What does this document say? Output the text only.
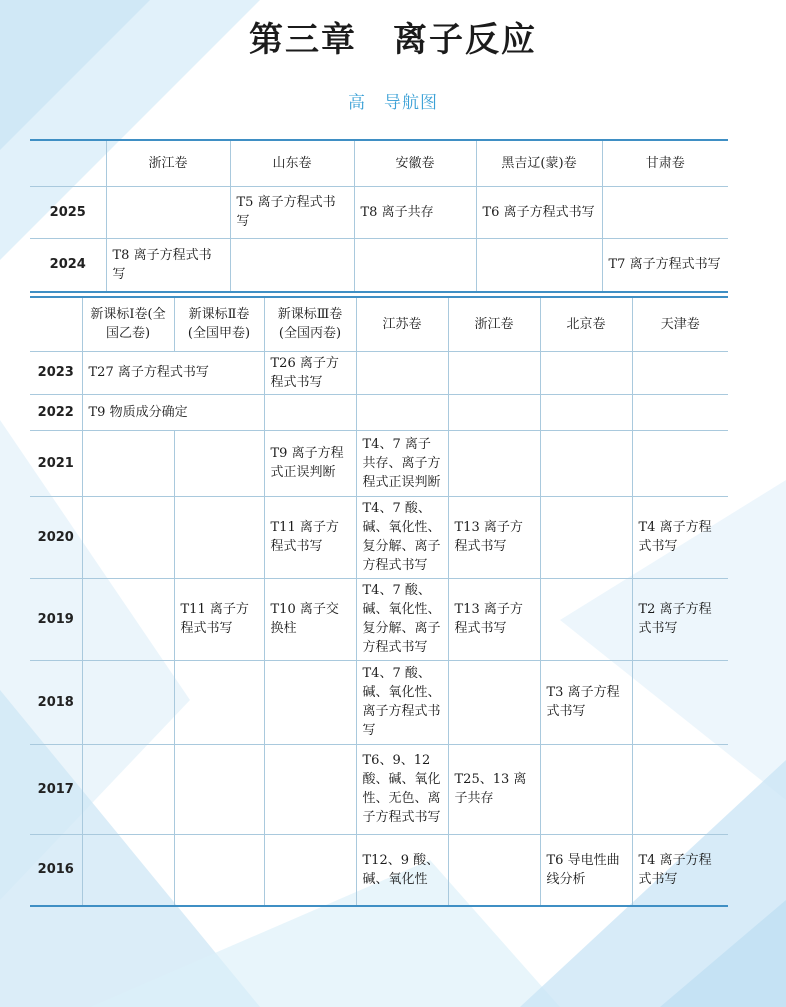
第三章　离子反应
高　导航图
	浙江卷	山东卷	安徽卷	黑吉辽(蒙)卷	甘肃卷
2025		T5 离子方程式书写	T8 离子共存	T6 离子方程式书写	
2024	T8 离子方程式书写				T7 离子方程式书写
	新课标Ⅰ卷(全国乙卷)	新课标Ⅱ卷(全国甲卷)	新课标Ⅲ卷(全国丙卷)	江苏卷	浙江卷	北京卷	天津卷
2023	T27 离子方程式书写		T26 离子方程式书写				
2022	T9 物质成分确定						
2021			T9 离子方程式正误判断	T4、7 离子共存、离子方程式正误判断			
2020			T11 离子方程式书写	T4、7 酸、碱、氧化性、复分解、离子方程式书写	T13 离子方程式书写		T4 离子方程式书写
2019		T11 离子方程式书写	T10 离子交换柱	T4、7 酸、碱、氧化性、复分解、离子方程式书写	T13 离子方程式书写		T2 离子方程式书写
2018				T4、7 酸、碱、氧化性、离子方程式书写		T3 离子方程式书写	
2017				T6、9、12 酸、碱、氧化性、无色、离子方程式书写	T25、13 离子共存		
2016				T12、9 酸、碱、氧化性		T6 导电性曲线分析	T4 离子方程式书写
